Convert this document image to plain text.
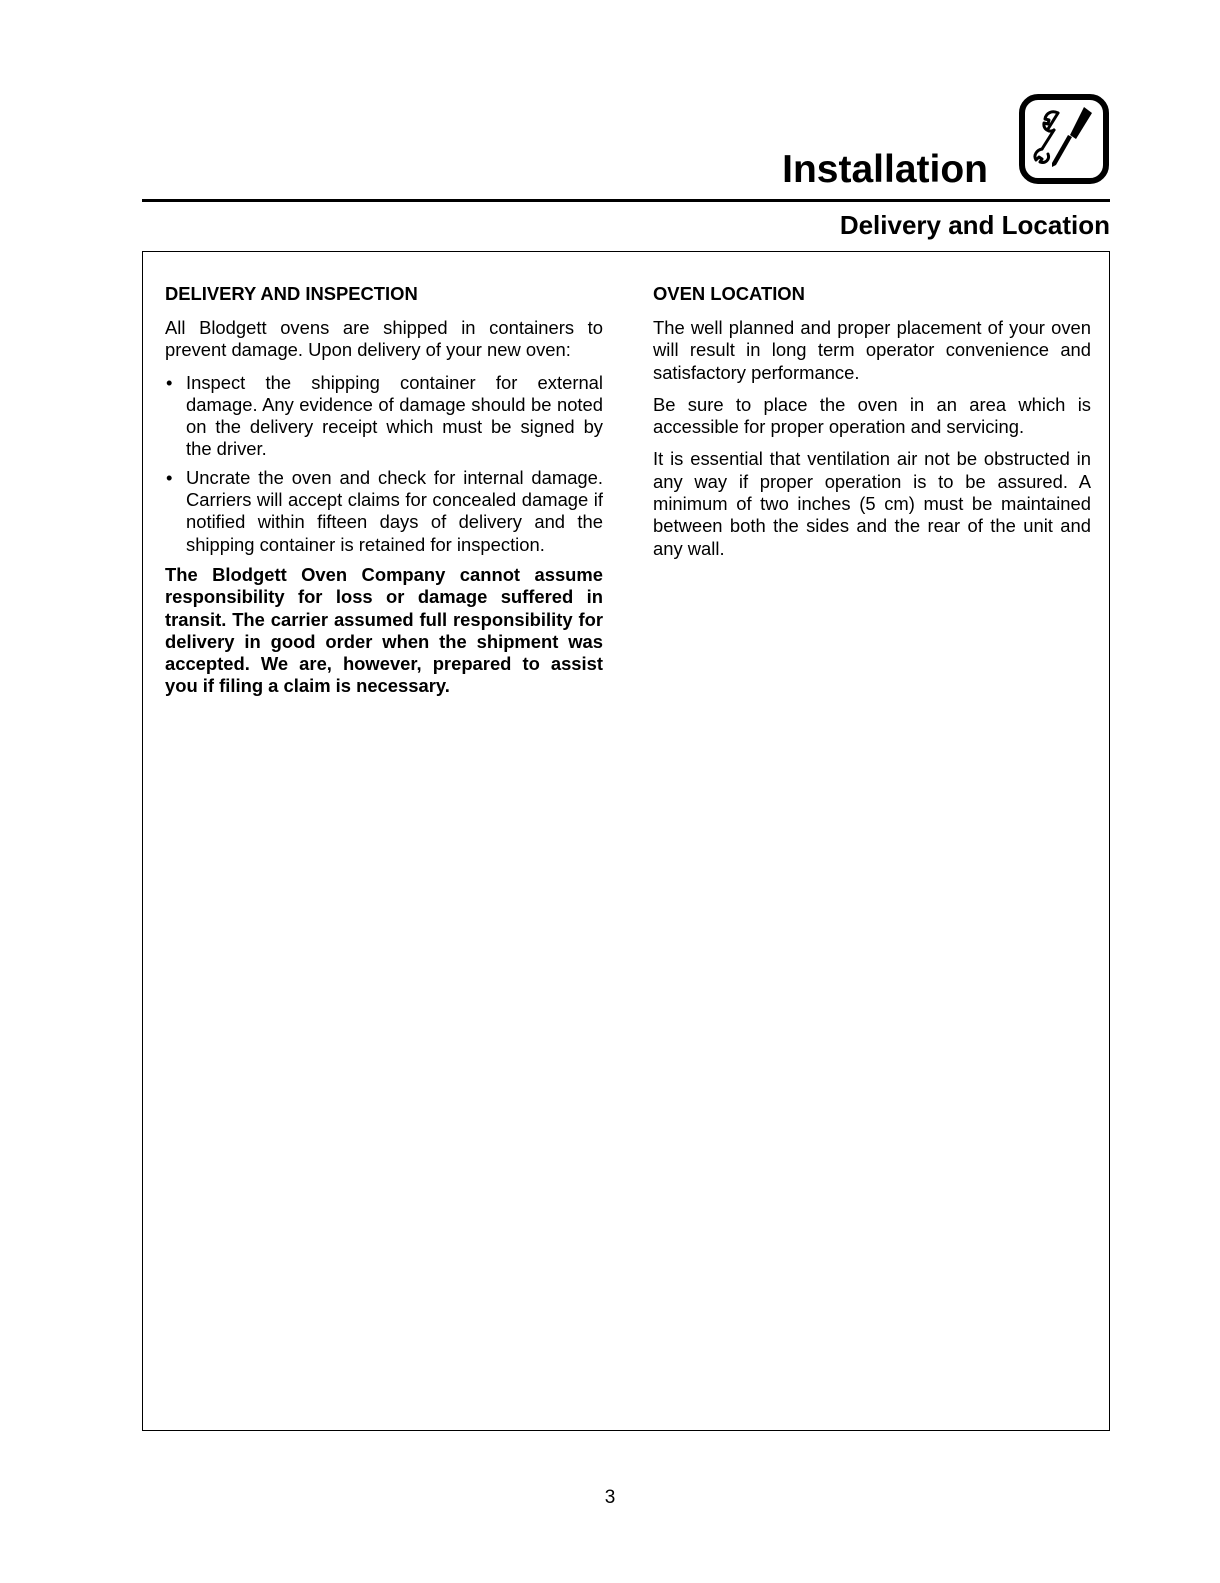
Installation
Delivery and Location
DELIVERY AND INSPECTION

All Blodgett ovens are shipped in containers to prevent damage. Upon delivery of your new oven:

• Inspect the shipping container for external damage. Any evidence of damage should be noted on the delivery receipt which must be signed by the driver.
• Uncrate the oven and check for internal damage. Carriers will accept claims for concealed damage if notified within fifteen days of delivery and the shipping container is retained for inspection.

The Blodgett Oven Company cannot assume responsibility for loss or damage suffered in transit. The carrier assumed full responsibility for delivery in good order when the shipment was accepted. We are, however, prepared to assist you if filing a claim is necessary.

OVEN LOCATION

The well planned and proper placement of your oven will result in long term operator convenience and satisfactory performance.

Be sure to place the oven in an area which is accessible for proper operation and servicing.

It is essential that ventilation air not be obstructed in any way if proper operation is to be assured. A minimum of two inches (5 cm) must be maintained between both the sides and the rear of the unit and any wall.

3
